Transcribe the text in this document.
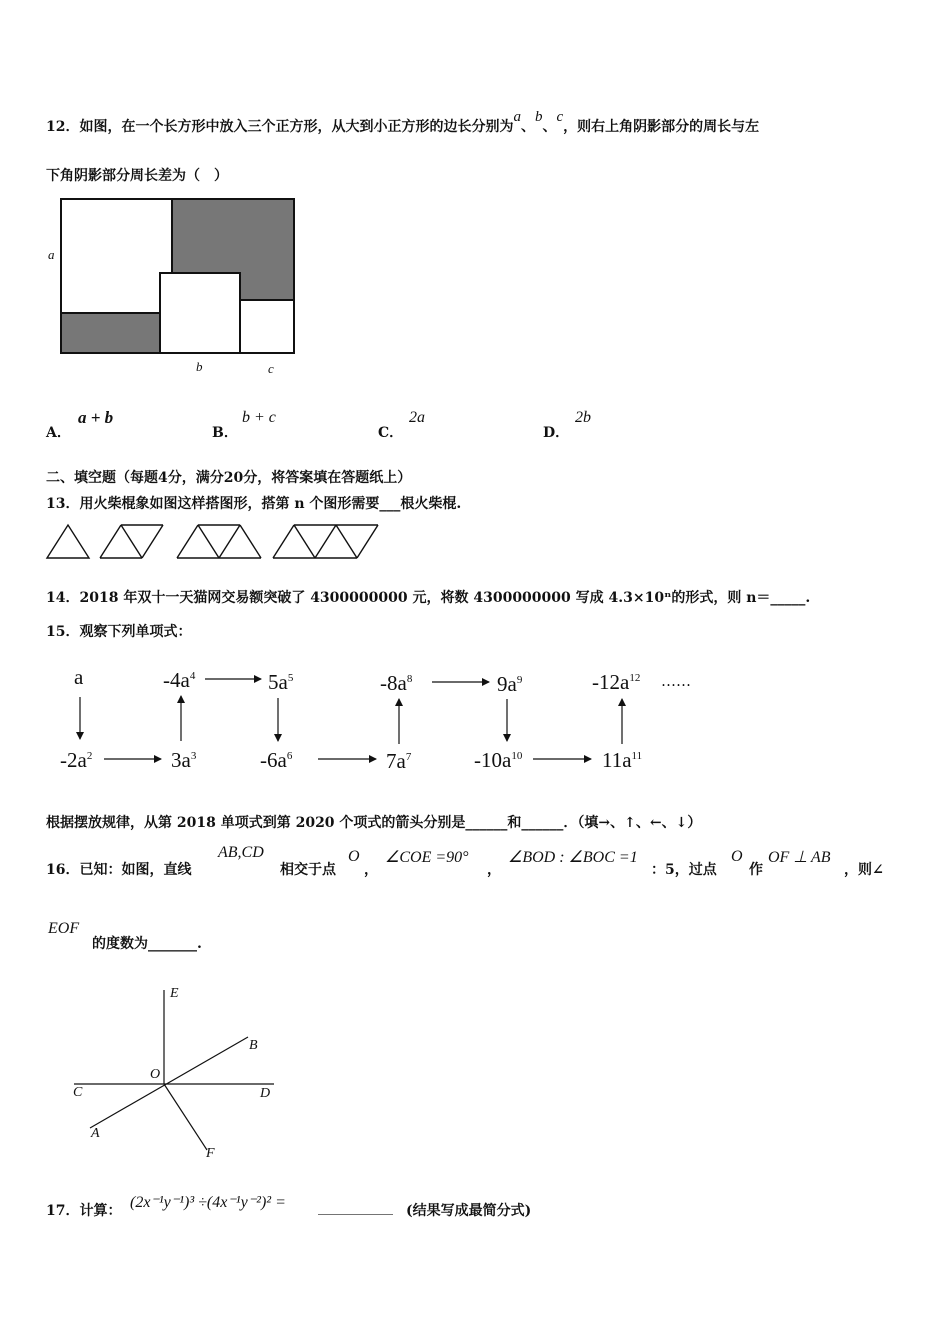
12．如图，在一个长方形中放入三个正方形，从大到小正方形的边长分别为a、b、c，则右上角阴影部分的周长与左
下角阴影部分周长差为（　）
a
b	c
A．
a + b
B．
b + c
C．
2a
D．
2b
二、填空题（每题4分，满分20分，将答案填在答题纸上）
13．用火柴棍象如图这样搭图形，搭第 n 个图形需要___根火柴棍.
14．2018 年双十一天猫网交易额突破了 4300000000 元，将数 4300000000 写成 4.3×10ⁿ的形式，则 n＝_____.
15．观察下列单项式：
a	$-4a^4$	$5a^5$	$-8a^8$	$9a^9$	$-12a^{12}$ ……
$-2a^2$	$3a^3$	$-6a^6$	$7a^7$	$-10a^{10}$	$11a^{11}$
根据摆放规律，从第 2018 单项式到第 2020 个项式的箭头分别是______和______．（填→、↑、←、↓）
16．已知：如图，直线
AB,CD
相交于点
O
，
∠COE =90°
，
∠BOD : ∠BOC =1
：5，过点
O
作
OF ⊥ AB
，则∠
EOF
的度数为_______.
E
B
O
C	D
A
F
17．计算： (2x⁻¹y⁻¹)³ ÷(4x⁻¹y⁻²)² = __________ (结果写成最简分式)
